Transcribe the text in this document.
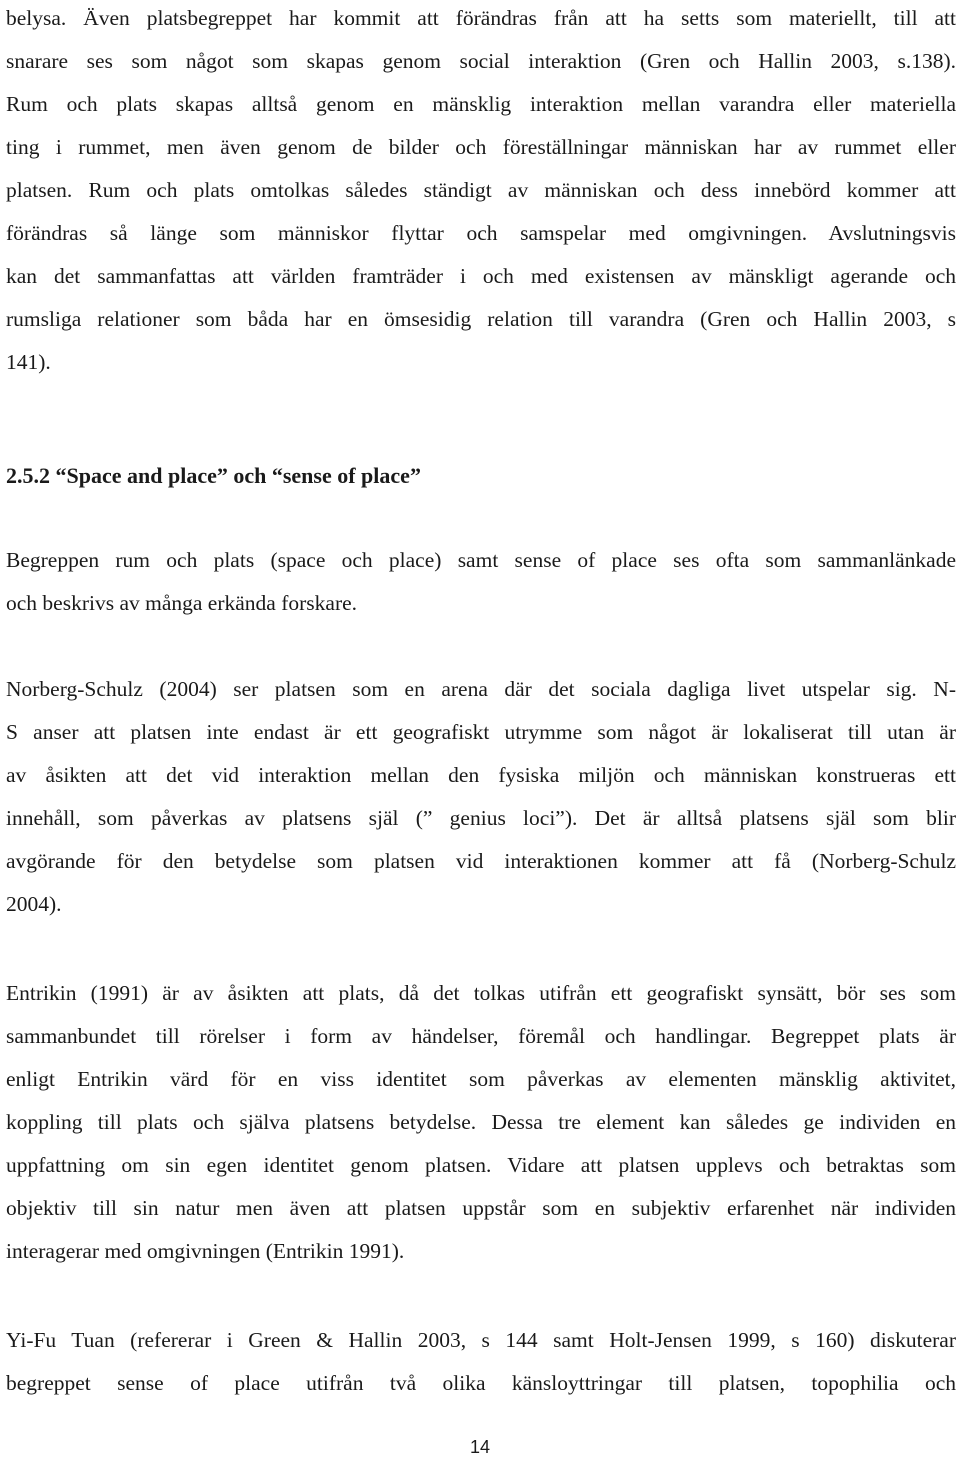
belysa. Även platsbegreppet har kommit att förändras från att ha setts som materiellt, till att

snarare ses som något som skapas genom social interaktion (Gren och Hallin 2003, s.138).

Rum och plats skapas alltså genom en mänsklig interaktion mellan varandra eller materiella

ting i rummet, men även genom de bilder och föreställningar människan har av rummet eller

platsen. Rum och plats omtolkas således ständigt av människan och dess innebörd kommer att

förändras så länge som människor flyttar och samspelar med omgivningen. Avslutningsvis

kan det sammanfattas att världen framträder i och med existensen av mänskligt agerande och

rumsliga relationer som båda har en ömsesidig relation till varandra (Gren och Hallin 2003, s

141).

2.5.2 “Space and place” och “sense of place”

Begreppen rum och plats (space och place) samt sense of place ses ofta som sammanlänkade

och beskrivs av många erkända forskare.

Norberg-Schulz (2004) ser platsen som en arena där det sociala dagliga livet utspelar sig. N-

S anser att platsen inte endast är ett geografiskt utrymme som något är lokaliserat till utan är

av åsikten att det vid interaktion mellan den fysiska miljön och människan konstrueras ett

innehåll, som påverkas av platsens själ (” genius loci”). Det är alltså platsens själ som blir

avgörande för den betydelse som platsen vid interaktionen kommer att få (Norberg-Schulz

2004).

Entrikin (1991) är av åsikten att plats, då det tolkas utifrån ett geografiskt synsätt, bör ses som

sammanbundet till rörelser i form av händelser, föremål och handlingar. Begreppet plats är

enligt Entrikin värd för en viss identitet som påverkas av elementen mänsklig aktivitet,

koppling till plats och själva platsens betydelse. Dessa tre element kan således ge individen en

uppfattning om sin egen identitet genom platsen. Vidare att platsen upplevs och betraktas som

objektiv till sin natur men även att platsen uppstår som en subjektiv erfarenhet när individen

interagerar med omgivningen (Entrikin 1991).

Yi-Fu Tuan (refererar i Green & Hallin 2003, s 144 samt Holt-Jensen 1999, s 160) diskuterar

begreppet sense of place utifrån två olika känsloyttringar till platsen, topophilia och

14
